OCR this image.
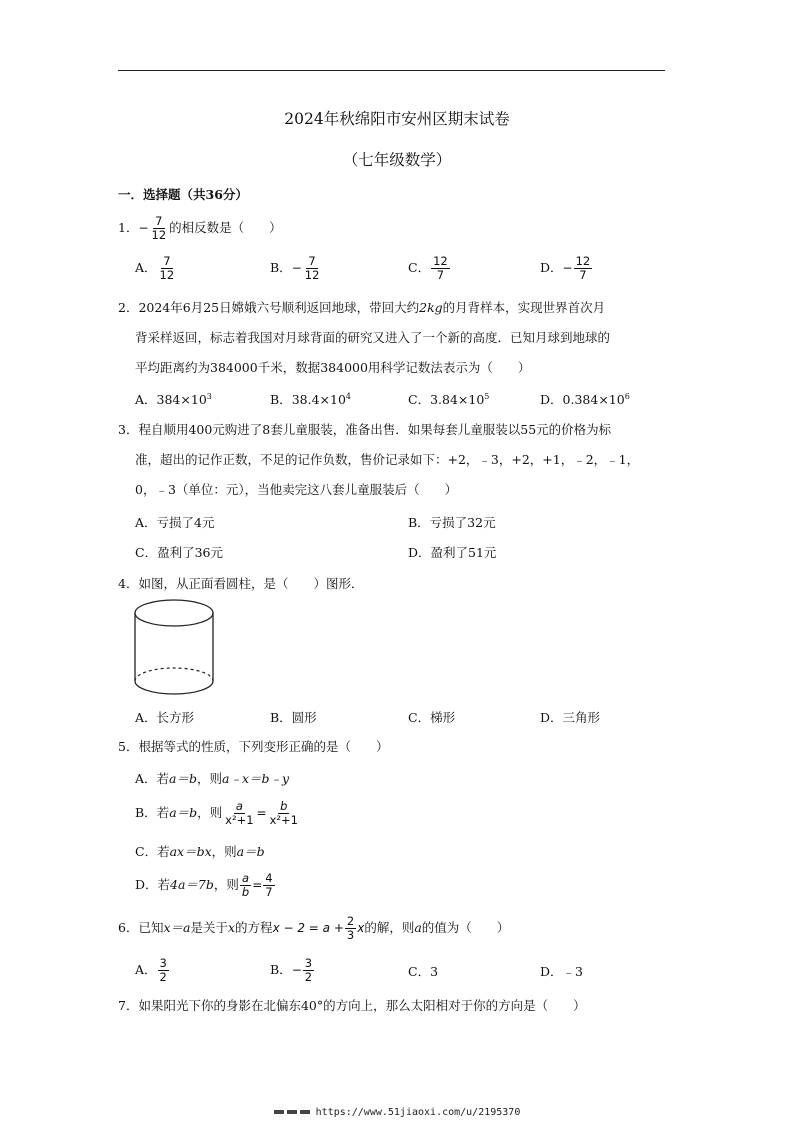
2024年秋绵阳市安州区期末试卷
（七年级数学）
一．选择题（共36分）
1．− $\frac{7}{12}$ 的相反数是（　　）
A． $\frac{7}{12}$	B．− $\frac{7}{12}$	C． $\frac{12}{7}$	D．− $\frac{12}{7}$
2．2024年6月25日嫦娥六号顺利返回地球，带回大约2kg的月背样本，实现世界首次月
背采样返回，标志着我国对月球背面的研究又进入了一个新的高度．已知月球到地球的
平均距离约为384000千米，数据384000用科学记数法表示为（　　）
A．$384\times 10^3$	B．$38.4\times 10^4$	C．$3.84\times 10^5$	D．$0.384\times 10^6$
3．程自顺用400元购进了8套儿童服装，准备出售．如果每套儿童服装以55元的价格为标
准，超出的记作正数，不足的记作负数，售价记录如下：+2，﹣3，+2，+1，﹣2，﹣1，
0，﹣3（单位：元），当他卖完这八套儿童服装后（　　）
A．亏损了4元	B．亏损了32元
C．盈利了36元	D．盈利了51元
4．如图，从正面看圆柱，是（　　）图形．
A．长方形	B．圆形	C．梯形	D．三角形
5．根据等式的性质，下列变形正确的是（　　）
A．若a＝b，则a﹣x＝b﹣y
B．若a＝b，则 $\frac{a}{\text{x²+1}} = \frac{b}{\text{x²+1}}$
C．若ax＝bx，则a＝b
D．若4a＝7b，则 $\frac{a}{b} = \frac{4}{7}$
6．已知x＝a是关于x的方程$x - 2 = a + \frac{2}{3}$ x的解，则a的值为（　　）
A． $\frac{3}{2}$	B．− $\frac{3}{2}$	C．3	D．﹣3
7．如果阳光下你的身影在北偏东40°的方向上，那么太阳相对于你的方向是（　　）
https://www.51jiaoxi.com/u/2195370
